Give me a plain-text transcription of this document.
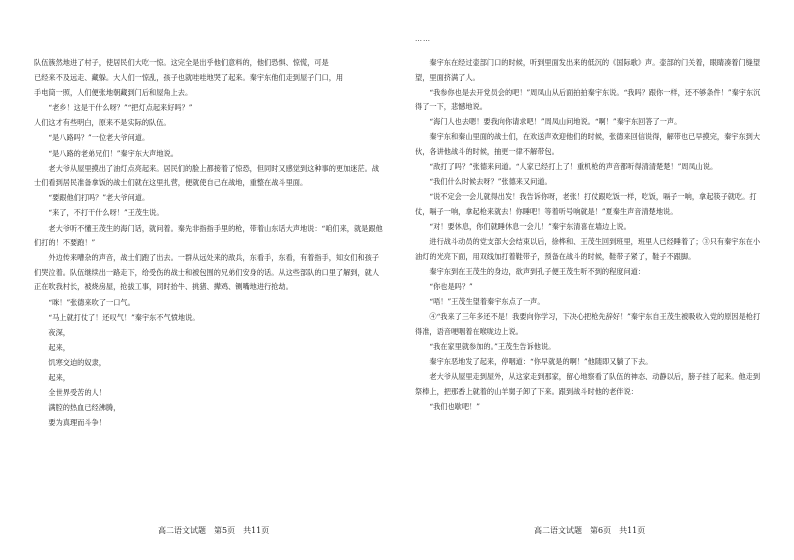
……

队伍簇然地进了村子，使居民们大吃一惊。这完全是出乎他们意料的，他们恐惧、惊慌，可是

已经来不及远走、藏躲。大人们一惊乱，孩子也就哇哇地哭了起来。秦宇东他们走到屋子门口，用

手电筒一照，人们便张地朝藏到门后和屋角上去。

“老乡！这是干什么呀？”“把灯点起来好吗？”

人们这才有些明白，原来不是实际的队伍。

“是八路吗？”一位老大爷问道。

“是八路的老弟兄们！”秦宇东大声地说。

老大爷从屋里摸出了油灯点亮起来。居民们的脸上都接着了惊恐，但同时又感觉到这种事的更加迷茫。战士们看到居民准备拿饭的战士们就在这里扎营，便就使自己在战地，重整在战斗里面。

“要跟他们打吗？”老大爷问道。

“来了，不打干什么呀！”王茂生说。

老大爷听不懂王茂生的海门话，就问着。秦先非指指手里的枪，带着山东话大声地说：“咱们来，就是跟他们打的！不要跑！”

外边传来嘈杂的声音，战士们跑了出去。一群从远处来的敌兵，东看手，东看，有着指手，知女们和孩子们哭泣着。队伍继续出一路走下，给受伤的战士和被包围的兄弟们安身的话。从这些部队的口里了解到，就人正在吹我村长，被烧房屋，抢拔工事，同时抬牛、挑猪、撵鸡、铡嘴地进行抢劫。

“咪！”张德来吹了一口气。

“马上就打仗了！还叹气！”秦宇东不气愤地说。

夜深，

起来，

饥寒交迫的奴隶，

起来，

全世界受苦的人！

满腔的热血已经沸腾，

要为真理而斗争！

秦宇东在经过壶部门口的时候，听到里面发出来的低沉的《国际歌》声。壶部的门关着，眼睛凑着门缝望望，里面挤满了人。

“我参你也是去开党员会的吧！”周凤山从后面拍拍秦宇东说。“我吗？跟你一样，还不够条件！”秦宇东沉得了一下，悲憾地说。

“海门人也去嗯！要我向你请求吧！”周凤山问地说。“啊！”秦宇东回答了一声。

秦宇东和秦山里面的战士们，在欢送声欢迎他们的时候，张德来回信说得，解带也已早摸完，秦宇东到大伙，各讲他战斗的时候，抽更一律不解带包。

“敌打了吗？”张德来问道。“人家已经打上了！重机枪的声音都听得清清楚楚！”周凤山说。

“我们什么时候去呀？”张德来又问道。

“说不定会一会儿就得出发！我告诉你呀，老张！打仗跟吃饭一样，吃饭，嗝子一响，拿起筷子就吃。打仗，嗝子一响，拿起枪来就去！你睡吧！等着听号响就是！”夏秦生声音清楚地说。

“对！要休息，你们就睡休息一会儿！”秦宇东清喜在墙边上说。

进行战斗动员的党支部大会结束以后，徐桦和、王茂生回到班里，班里人已经睡着了；③只有秦宇东在小油灯的光亮下面，用双线加打着鞋带子，预备在战斗的时候，鞋带子紧了，鞋子不跟脚。

秦宇东到在王茂生的身边，欲声到孔子便王茂生听不到的程度问道：

“你也是吗？”

“唔！”王茂生望着秦宇东点了一声。

④“我来了三年多还不是！我要向你学习，下决心把枪先辞好！”秦宇东自王茂生被吸收入党的原因是枪打得准，语音哽咽着在喉咙边上说。

“我在家里就参加的。”王茂生告诉他说。

秦宇东恶地发了起来，停咽道：“你早就是的啊！”他随即又躺了下去。

老大爷从屋里走到屋外，从这家走到那家，留心地察看了队伍的神态、动静以后，膀子挂了起来。他走到祭棒上，把那香上就着的山羊舅子卸了下来。跟到战斗时他的老伴说：

“我们也歇吧！”

高二语文试题　第5页　共11页	高二语文试题　第6页　共11页
